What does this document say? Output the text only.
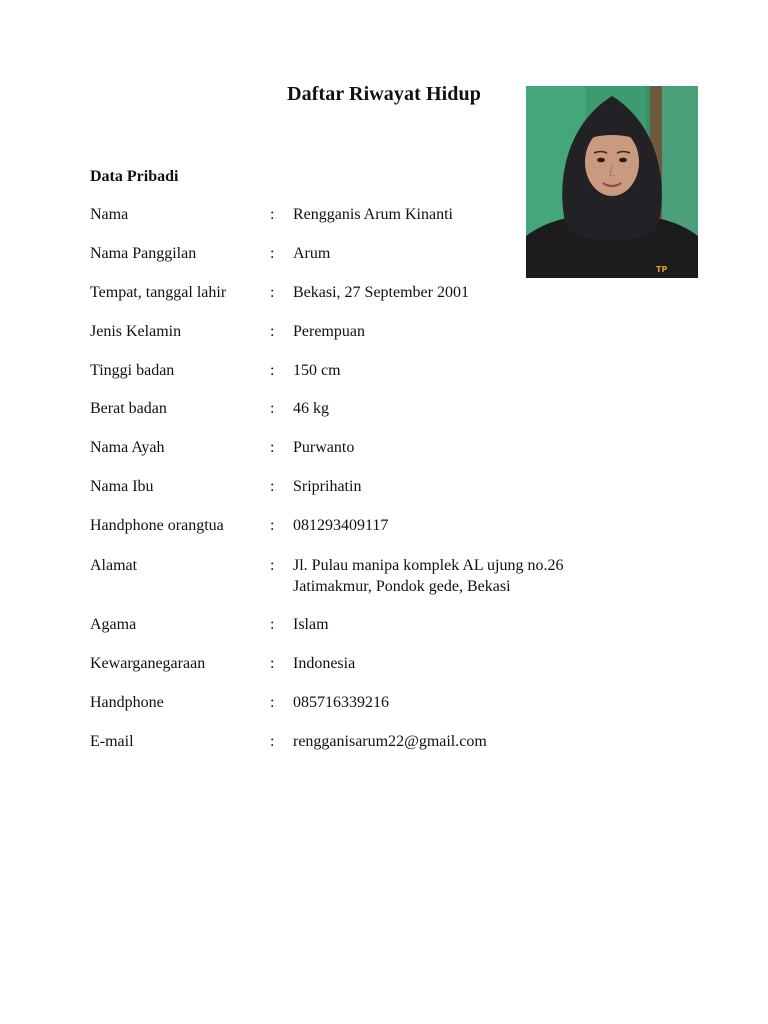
Daftar Riwayat Hidup
TP
Data Pribadi
Nama	: Rengganis Arum Kinanti
Nama Panggilan	: Arum
Tempat, tanggal lahir	: Bekasi, 27 September 2001
Jenis Kelamin	: Perempuan
Tinggi badan	: 150 cm
Berat badan	: 46 kg
Nama Ayah	: Purwanto
Nama Ibu	: Sriprihatin
Handphone orangtua	: 081293409117
Alamat	: Jl. Pulau manipa komplek AL ujung no.26
Jatimakmur, Pondok gede, Bekasi
Agama	: Islam
Kewarganegaraan	: Indonesia
Handphone	: 085716339216
E-mail	: rengganisarum22@gmail.com
